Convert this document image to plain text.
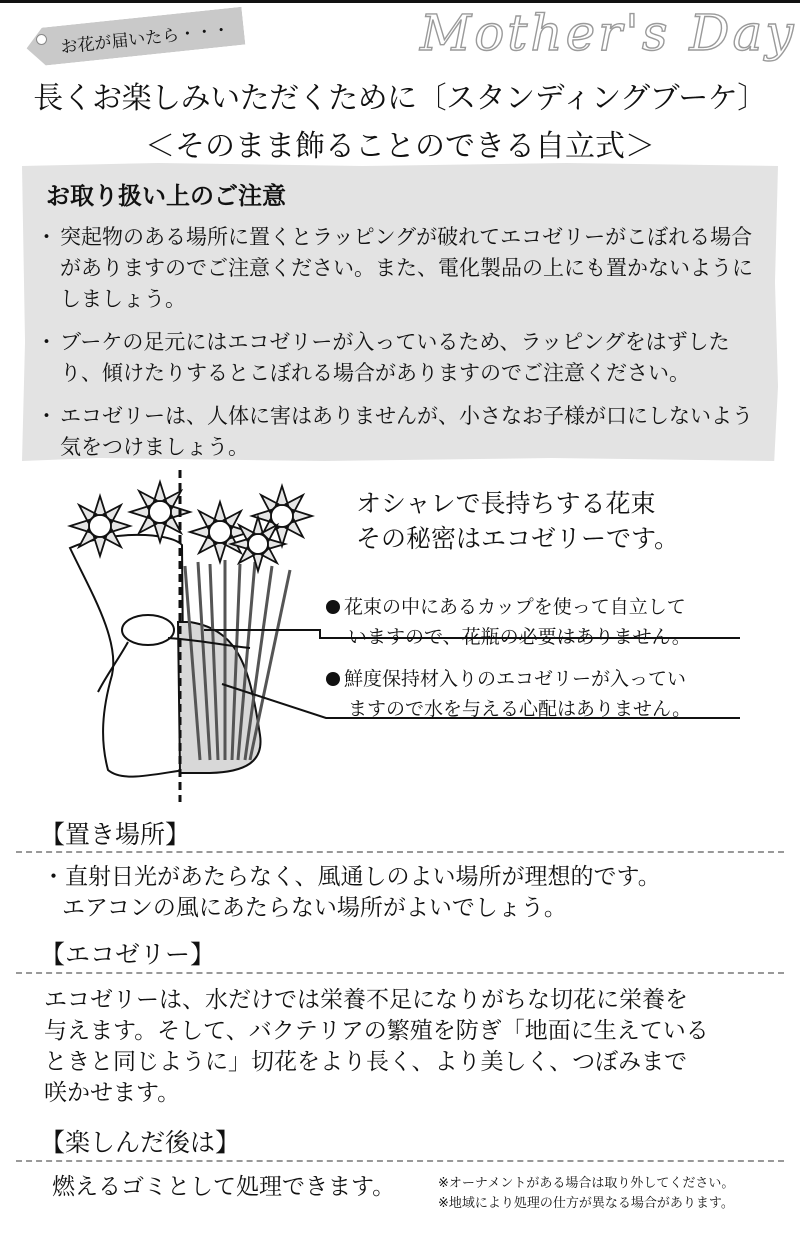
お花が届いたら・・・	Mother's Day
長くお楽しみいただくために〔スタンディングブーケ〕
＜そのまま飾ることのできる自立式＞
お取り扱い上のご注意
・ 突起物のある場所に置くとラッピングが破れてエコゼリーがこぼれる場合がありますのでご注意ください。また、電化製品の上にも置かないようにしましょう。
・ ブーケの足元にはエコゼリーが入っているため、ラッピングをはずしたり、傾けたりするとこぼれる場合がありますのでご注意ください。
・ エコゼリーは、人体に害はありませんが、小さなお子様が口にしないよう気をつけましょう。
オシャレで長持ちする花束
その秘密はエコゼリーです。
花束の中にあるカップを使って自立して
いますので、花瓶の必要はありません。
鮮度保持材入りのエコゼリーが入ってい
ますので水を与える心配はありません。
【置き場所】
・直射日光があたらなく、風通しのよい場所が理想的です。
エアコンの風にあたらない場所がよいでしょう。
【エコゼリー】
エコゼリーは、水だけでは栄養不足になりがちな切花に栄養を
与えます。そして、バクテリアの繁殖を防ぎ「地面に生えている
ときと同じように」切花をより長く、より美しく、つぼみまで
咲かせます。
【楽しんだ後は】
燃えるゴミとして処理できます。	※オーナメントがある場合は取り外してください。
※地域により処理の仕方が異なる場合があります。
